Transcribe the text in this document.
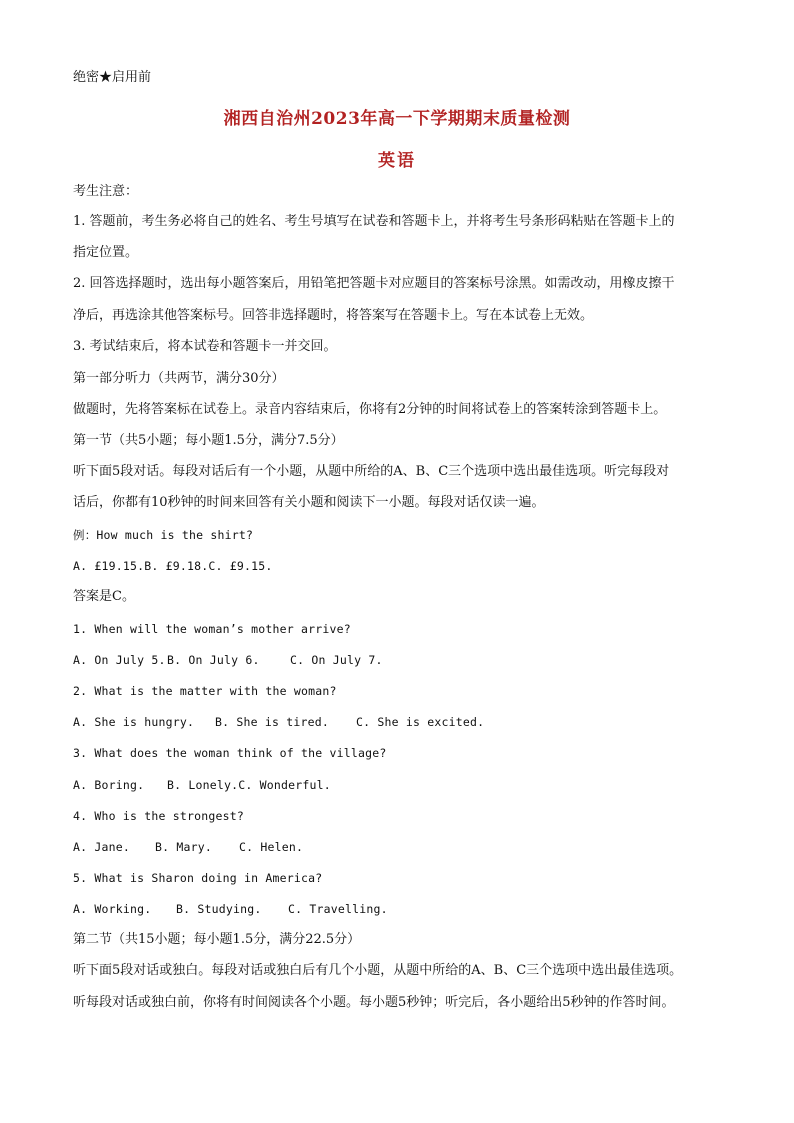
绝密★启用前
湘西自治州2023年高一下学期期末质量检测
英语
考生注意：
1. 答题前，考生务必将自己的姓名、考生号填写在试卷和答题卡上，并将考生号条形码粘贴在答题卡上的
指定位置。
2. 回答选择题时，选出每小题答案后，用铅笔把答题卡对应题目的答案标号涂黑。如需改动，用橡皮擦干
净后，再选涂其他答案标号。回答非选择题时，将答案写在答题卡上。写在本试卷上无效。
3. 考试结束后，将本试卷和答题卡一并交回。
第一部分听力（共两节，满分30分）
做题时，先将答案标在试卷上。录音内容结束后，你将有2分钟的时间将试卷上的答案转涂到答题卡上。
第一节（共5小题；每小题1.5分，满分7.5分）
听下面5段对话。每段对话后有一个小题，从题中所给的A、B、C三个选项中选出最佳选项。听完每段对
话后，你都有10秒钟的时间来回答有关小题和阅读下一小题。每段对话仅读一遍。
例：How much is the shirt?
A. £19.15.B. £9.18.C. £9.15.
答案是C。
1. When will the woman’s mother arrive?
A. On July 5.B. On July 6.	C. On July 7.
2. What is the matter with the woman?
A. She is hungry. B. She is tired. C. She is excited.
3. What does the woman think of the village?
A. Boring. B. Lonely.C. Wonderful.
4. Who is the strongest?
A. Jane. B. Mary. C. Helen.
5. What is Sharon doing in America?
A. Working. B. Studying. C. Travelling.
第二节（共15小题；每小题1.5分，满分22.5分）
听下面5段对话或独白。每段对话或独白后有几个小题，从题中所给的A、B、C三个选项中选出最佳选项。
听每段对话或独白前，你将有时间阅读各个小题。每小题5秒钟；听完后，各小题给出5秒钟的作答时间。
